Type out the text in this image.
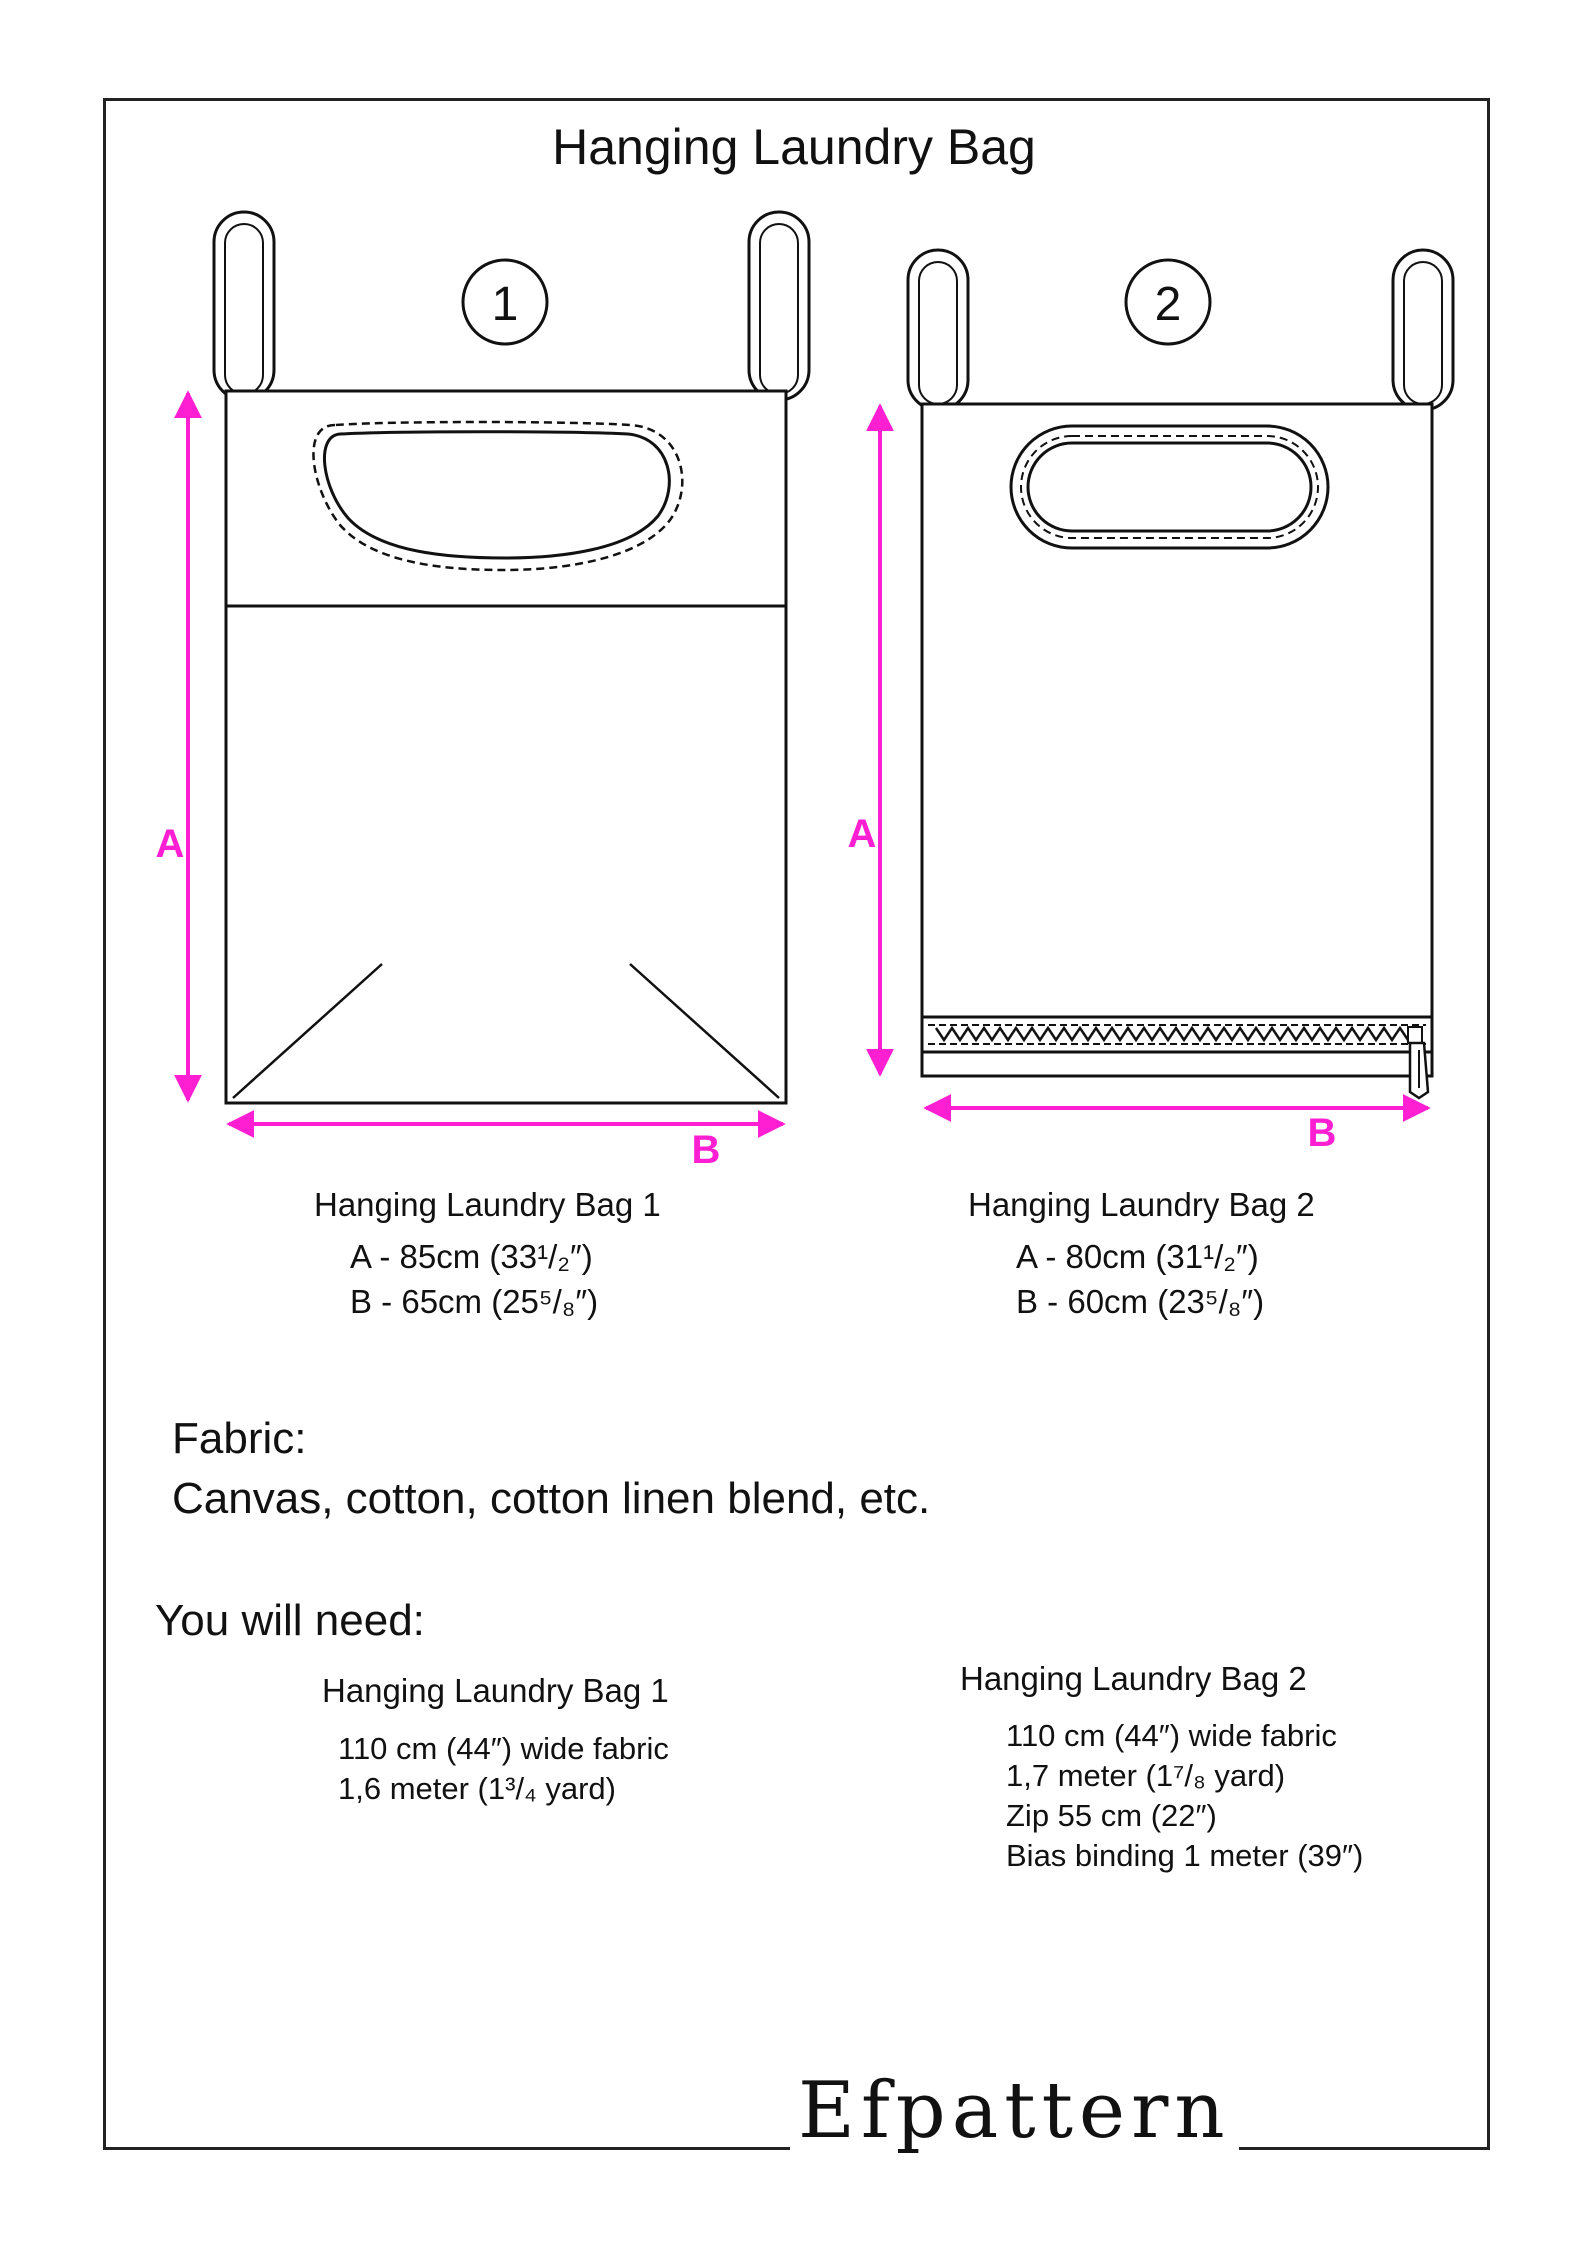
Hanging Laundry Bag
1
A
B
2
A
B
Hanging Laundry Bag 1
A - 85cm (33¹/₂″)
B - 65cm (25⁵/₈″)
Hanging Laundry Bag 2
A - 80cm (31¹/₂″)
B - 60cm (23⁵/₈″)
Fabric:
Canvas, cotton, cotton linen blend, etc.
You will need:
Hanging Laundry Bag 1
110 cm (44″) wide fabric
1,6 meter (1³/₄ yard)
Hanging Laundry Bag 2
110 cm (44″) wide fabric
1,7 meter (1⁷/₈ yard)
Zip 55 cm (22″)
Bias binding 1 meter (39″)
Efpattern
